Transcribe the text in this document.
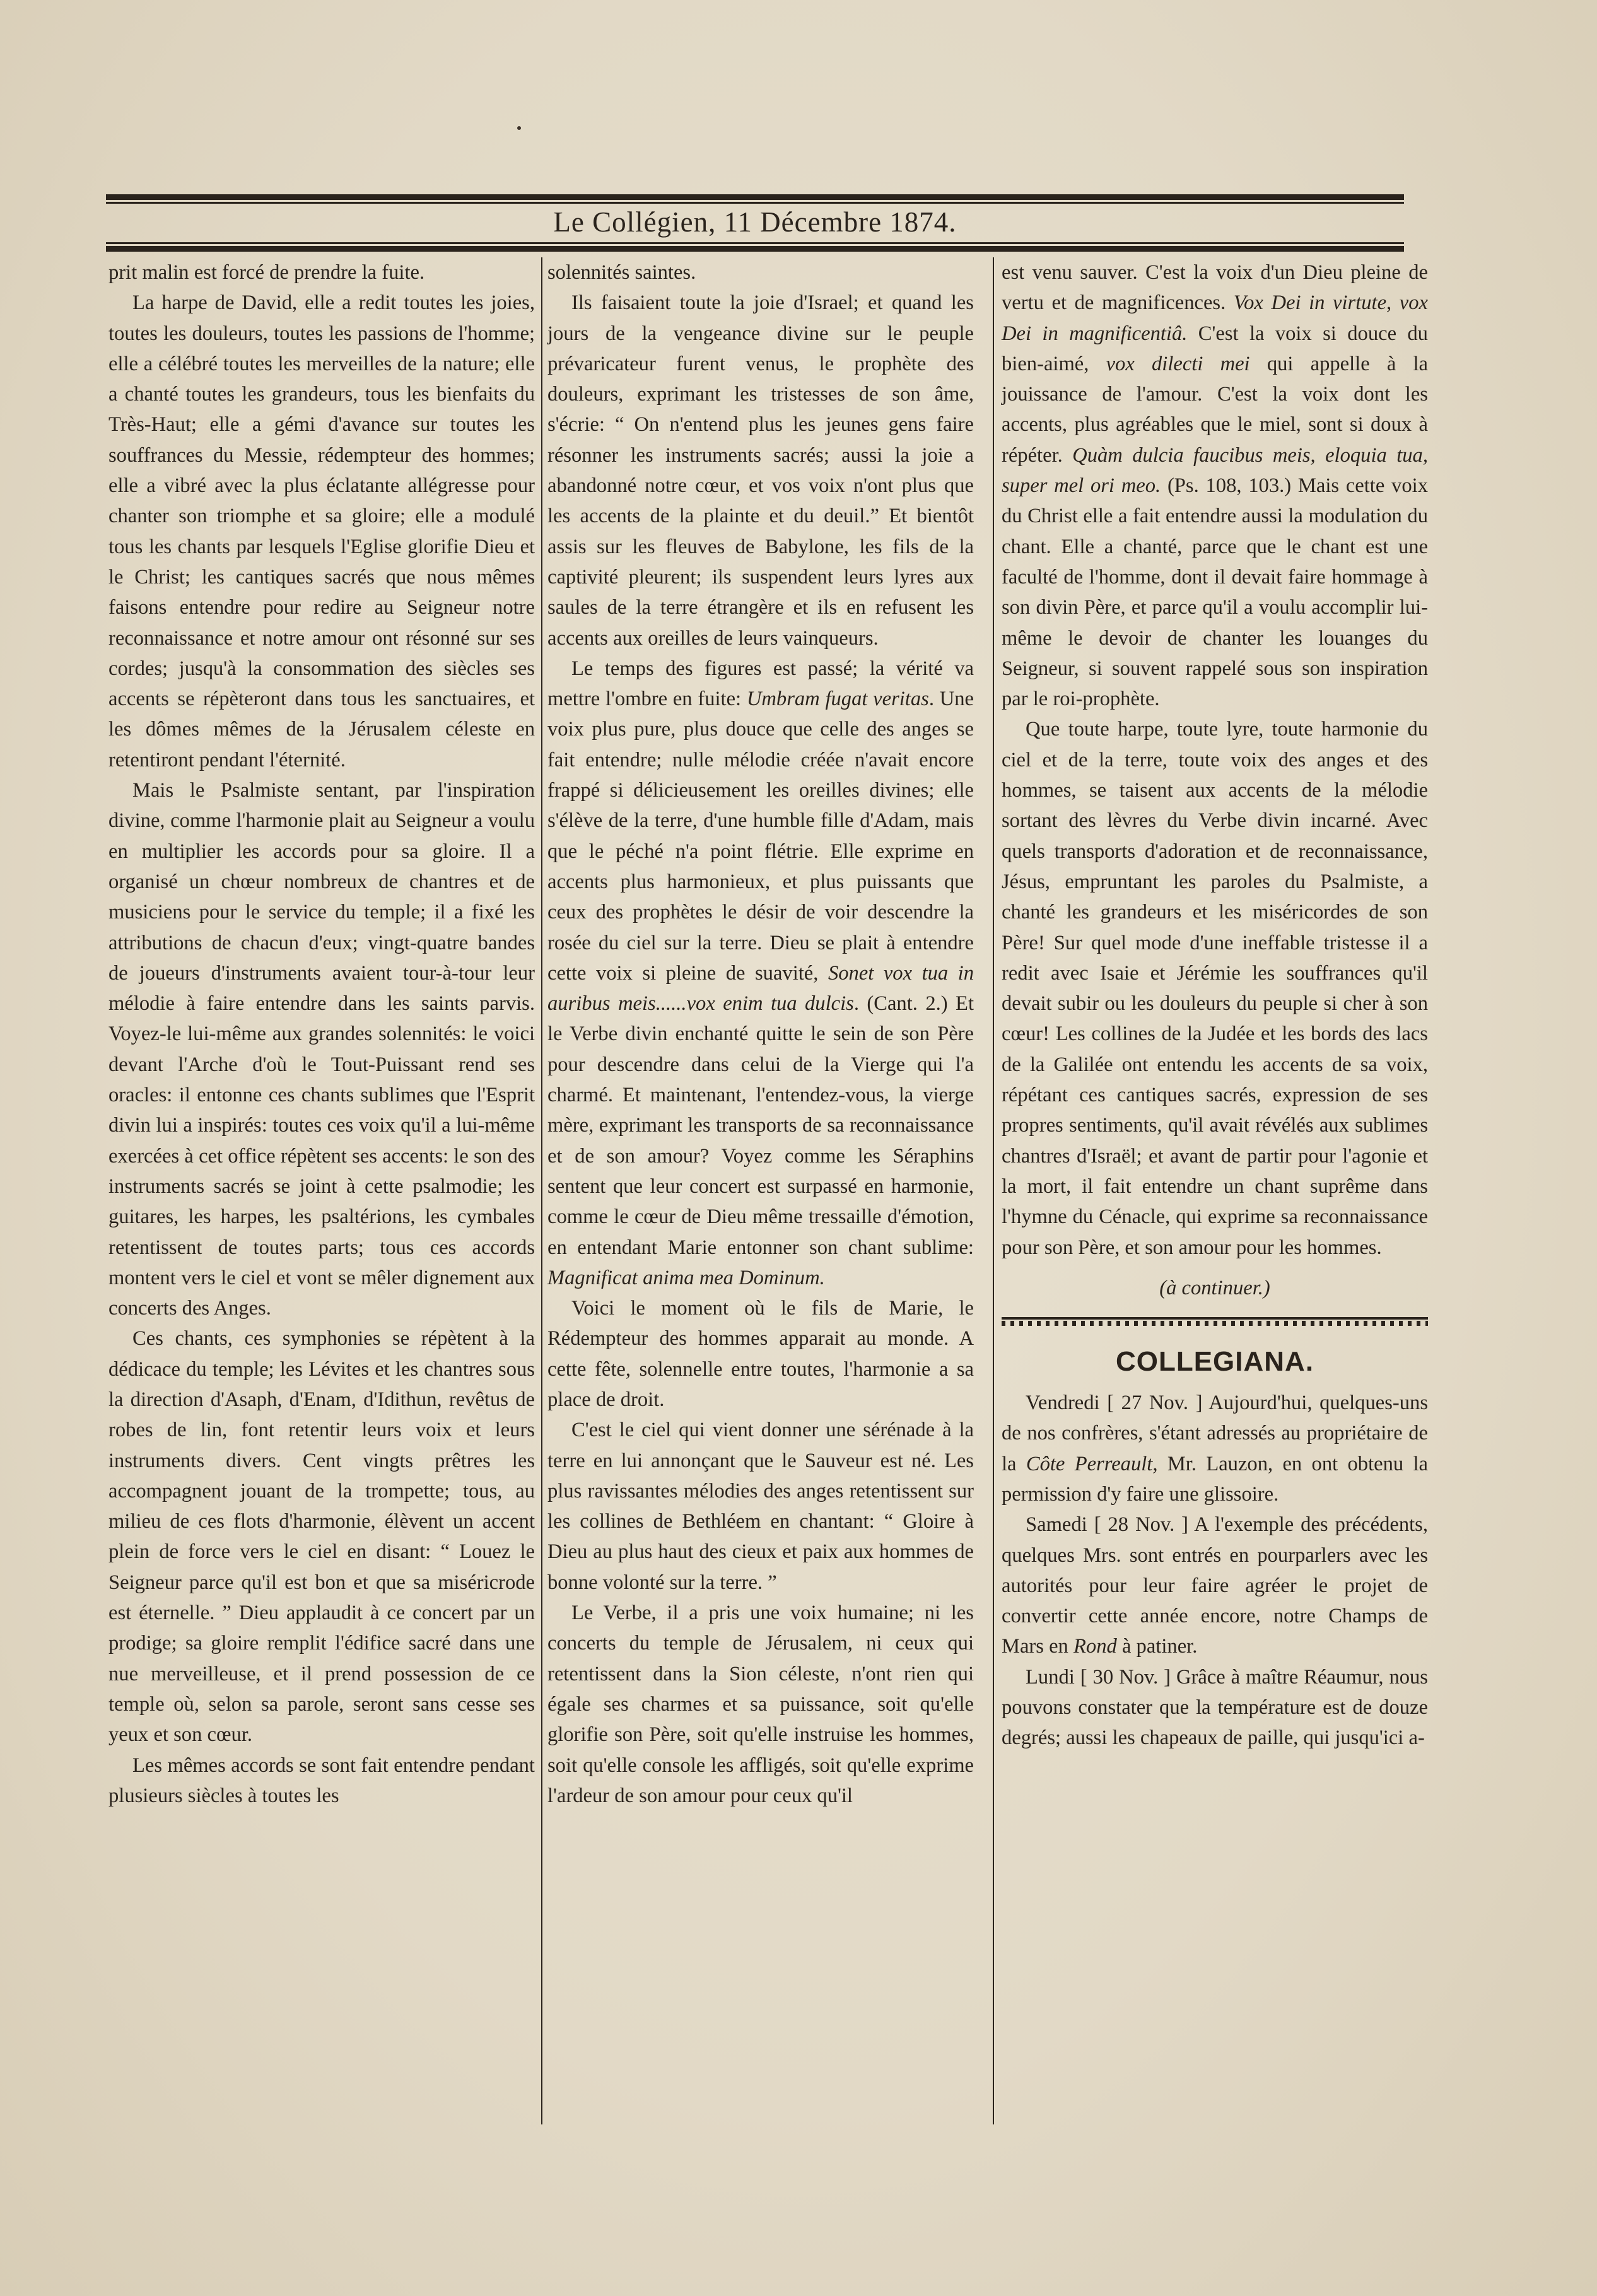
Le Collégien, 11 Décembre 1874.

prit malin est forcé de prendre la fuite.

La harpe de David, elle a redit toutes les joies, toutes les douleurs, toutes les passions de l'homme; elle a célébré toutes les merveilles de la nature; elle a chanté toutes les grandeurs, tous les bienfaits du Très-Haut; elle a gémi d'avance sur toutes les souffrances du Messie, rédempteur des hommes; elle a vibré avec la plus éclatante allégresse pour chanter son triomphe et sa gloire; elle a modulé tous les chants par lesquels l'Eglise glorifie Dieu et le Christ; les cantiques sacrés que nous mêmes faisons entendre pour redire au Seigneur notre reconnaissance et notre amour ont résonné sur ses cordes; jusqu'à la consommation des siècles ses accents se répèteront dans tous les sanctuaires, et les dômes mêmes de la Jérusalem céleste en retentiront pendant l'éternité.

Mais le Psalmiste sentant, par l'inspiration divine, comme l'harmonie plait au Seigneur a voulu en multiplier les accords pour sa gloire. Il a organisé un chœur nombreux de chantres et de musiciens pour le service du temple; il a fixé les attributions de chacun d'eux; vingt-quatre bandes de joueurs d'instruments avaient tour-à-tour leur mélodie à faire entendre dans les saints parvis. Voyez-le lui-même aux grandes solennités: le voici devant l'Arche d'où le Tout-Puissant rend ses oracles: il entonne ces chants sublimes que l'Esprit divin lui a inspirés: toutes ces voix qu'il a lui-même exercées à cet office répètent ses accents: le son des instruments sacrés se joint à cette psalmodie; les guitares, les harpes, les psaltérions, les cymbales retentissent de toutes parts; tous ces accords montent vers le ciel et vont se mêler dignement aux concerts des Anges.

Ces chants, ces symphonies se répètent à la dédicace du temple; les Lévites et les chantres sous la direction d'Asaph, d'Enam, d'Idithun, revêtus de robes de lin, font retentir leurs voix et leurs instruments divers. Cent vingts prêtres les accompagnent jouant de la trompette; tous, au milieu de ces flots d'harmonie, élèvent un accent plein de force vers le ciel en disant: “ Louez le Seigneur parce qu'il est bon et que sa miséricrode est éternelle. ” Dieu applaudit à ce concert par un prodige; sa gloire remplit l'édifice sacré dans une nue merveilleuse, et il prend possession de ce temple où, selon sa parole, seront sans cesse ses yeux et son cœur.

Les mêmes accords se sont fait entendre pendant plusieurs siècles à toutes les

solennités saintes.

Ils faisaient toute la joie d'Israel; et quand les jours de la vengeance divine sur le peuple prévaricateur furent venus, le prophète des douleurs, exprimant les tristesses de son âme, s'écrie: “ On n'entend plus les jeunes gens faire résonner les instruments sacrés; aussi la joie a abandonné notre cœur, et vos voix n'ont plus que les accents de la plainte et du deuil.” Et bientôt assis sur les fleuves de Babylone, les fils de la captivité pleurent; ils suspendent leurs lyres aux saules de la terre étrangère et ils en refusent les accents aux oreilles de leurs vainqueurs.

Le temps des figures est passé; la vérité va mettre l'ombre en fuite: Umbram fugat veritas. Une voix plus pure, plus douce que celle des anges se fait entendre; nulle mélodie créée n'avait encore frappé si délicieusement les oreilles divines; elle s'élève de la terre, d'une humble fille d'Adam, mais que le péché n'a point flétrie. Elle exprime en accents plus harmonieux, et plus puissants que ceux des prophètes le désir de voir descendre la rosée du ciel sur la terre. Dieu se plait à entendre cette voix si pleine de suavité, Sonet vox tua in auribus meis......vox enim tua dulcis. (Cant. 2.) Et le Verbe divin enchanté quitte le sein de son Père pour descendre dans celui de la Vierge qui l'a charmé. Et maintenant, l'entendez-vous, la vierge mère, exprimant les transports de sa reconnaissance et de son amour? Voyez comme les Séraphins sentent que leur concert est surpassé en harmonie, comme le cœur de Dieu même tressaille d'émotion, en entendant Marie entonner son chant sublime: Magnificat anima mea Dominum.

Voici le moment où le fils de Marie, le Rédempteur des hommes apparait au monde. A cette fête, solennelle entre toutes, l'harmonie a sa place de droit.

C'est le ciel qui vient donner une sérénade à la terre en lui annonçant que le Sauveur est né. Les plus ravissantes mélodies des anges retentissent sur les collines de Bethléem en chantant: “ Gloire à Dieu au plus haut des cieux et paix aux hommes de bonne volonté sur la terre. ”

Le Verbe, il a pris une voix humaine; ni les concerts du temple de Jérusalem, ni ceux qui retentissent dans la Sion céleste, n'ont rien qui égale ses charmes et sa puissance, soit qu'elle glorifie son Père, soit qu'elle instruise les hommes, soit qu'elle console les affligés, soit qu'elle exprime l'ardeur de son amour pour ceux qu'il

est venu sauver. C'est la voix d'un Dieu pleine de vertu et de magnificences. Vox Dei in virtute, vox Dei in magnificentiâ. C'est la voix si douce du bien-aimé, vox dilecti mei qui appelle à la jouissance de l'amour. C'est la voix dont les accents, plus agréables que le miel, sont si doux à répéter. Quàm dulcia faucibus meis, eloquia tua, super mel ori meo. (Ps. 108, 103.) Mais cette voix du Christ elle a fait entendre aussi la modulation du chant. Elle a chanté, parce que le chant est une faculté de l'homme, dont il devait faire hommage à son divin Père, et parce qu'il a voulu accomplir lui-même le devoir de chanter les louanges du Seigneur, si souvent rappelé sous son inspiration par le roi-prophète.

Que toute harpe, toute lyre, toute harmonie du ciel et de la terre, toute voix des anges et des hommes, se taisent aux accents de la mélodie sortant des lèvres du Verbe divin incarné. Avec quels transports d'adoration et de reconnaissance, Jésus, empruntant les paroles du Psalmiste, a chanté les grandeurs et les miséricordes de son Père! Sur quel mode d'une ineffable tristesse il a redit avec Isaie et Jérémie les souffrances qu'il devait subir ou les douleurs du peuple si cher à son cœur! Les collines de la Judée et les bords des lacs de la Galilée ont entendu les accents de sa voix, répétant ces cantiques sacrés, expression de ses propres sentiments, qu'il avait révélés aux sublimes chantres d'Israël; et avant de partir pour l'agonie et la mort, il fait entendre un chant suprême dans l'hymne du Cénacle, qui exprime sa reconnaissance pour son Père, et son amour pour les hommes.

(à continuer.)

COLLEGIANA.

Vendredi [ 27 Nov. ] Aujourd'hui, quelques-uns de nos confrères, s'étant adressés au propriétaire de la Côte Perreault, Mr. Lauzon, en ont obtenu la permission d'y faire une glissoire.

Samedi [ 28 Nov. ] A l'exemple des précédents, quelques Mrs. sont entrés en pourparlers avec les autorités pour leur faire agréer le projet de convertir cette année encore, notre Champs de Mars en Rond à patiner.

Lundi [ 30 Nov. ] Grâce à maître Réaumur, nous pouvons constater que la température est de douze degrés; aussi les chapeaux de paille, qui jusqu'ici a-
